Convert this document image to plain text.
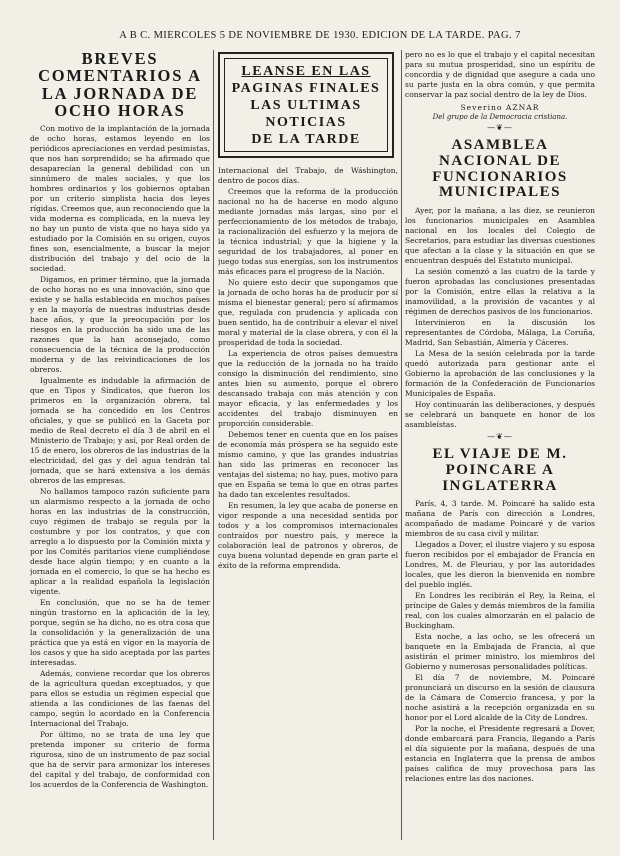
A B C. MIERCOLES 5 DE NOVIEMBRE DE 1930. EDICION DE LA TARDE. PAG. 7
BREVES COMENTARIOS A LA JORNADA DE OCHO HORAS

Con motivo de la implantación de la jornada de ocho horas, estamos leyendo en los periódicos apreciaciones en verdad pesimistas, que nos han sorprendido; se ha afirmado que desaparecían la general debilidad con un sinnúmero de males sociales, y que los hombres ordinarios y los gobiernos optaban por un criterio simplista hacia dos leyes rígidas. Creemos que, aun reconociendo que la vida moderna es complicada, en la nueva ley no hay un punto de vista que no haya sido ya estudiado por la Comisión en su origen, cuyos fines son, esencialmente, a buscar la mejor distribución del trabajo y del ocio de la sociedad.

Digamos, en primer término, que la jornada de ocho horas no es una innovación, sino que existe y se halla establecida en muchos países y en la mayoría de nuestras industrias desde hace años, y que la preocupación por los riesgos en la producción ha sido una de las razones que la han aconsejado, como consecuencia de la técnica de la producción moderna y de las reivindicaciones de los obreros.

Igualmente es indudable la afirmación de que en Tipos y Sindicatos, que fueron los primeros en la organización obrera, tal jornada se ha concedido en los Centros oficiales, y que se publicó en la Gaceta por medio de Real decreto el día 3 de abril en el Ministerio de Trabajo; y así, por Real orden de 15 de enero, los obreros de las industrias de la electricidad, del gas y del agua tendrán tal jornada, que se hará extensiva a los demás obreros de las empresas.

No hallamos tampoco razón suficiente para un alarmismo respecto a la jornada de ocho horas en las industrias de la construcción, cuyo régimen de trabajo se regula por la costumbre y por los contratos, y que con arreglo a lo dispuesto por la Comisión mixta y por los Comités paritarios viene cumpliéndose desde hace algún tiempo; y en cuanto a la jornada en el comercio, lo que se ha hecho es aplicar a la realidad española la legislación vigente.

En conclusión, que no se ha de temer ningún trastorno en la aplicación de la ley, porque, según se ha dicho, no es otra cosa que la consolidación y la generalización de una práctica que ya está en vigor en la mayoría de los casos y que ha sido aceptada por las partes interesadas.

Además, conviene recordar que los obreros de la agricultura quedan exceptuados, y que para ellos se estudia un régimen especial que atienda a las condiciones de las faenas del campo, según lo acordado en la Conferencia Internacional del Trabajo.

Por último, no se trata de una ley que pretenda imponer su criterio de forma rigurosa, sino de un instrumento de paz social que ha de servir para armonizar los intereses del capital y del trabajo, de conformidad con los acuerdos de la Conferencia de Washington.

LEANSE EN LAS
PAGINAS FINALES
LAS ULTIMAS
NOTICIAS
DE LA TARDE

Internacional del Trabajo, de Wáshington, dentro de pocos días.

Creemos que la reforma de la producción nacional no ha de hacerse en modo alguno mediante jornadas más largas, sino por el perfeccionamiento de los métodos de trabajo, la racionalización del esfuerzo y la mejora de la técnica industrial; y que la higiene y la seguridad de los trabajadores, al poner en juego todas sus energías, son los instrumentos más eficaces para el progreso de la Nación.

No quiere esto decir que supongamos que la jornada de ocho horas ha de producir por sí misma el bienestar general; pero sí afirmamos que, regulada con prudencia y aplicada con buen sentido, ha de contribuir a elevar el nivel moral y material de la clase obrera, y con él la prosperidad de toda la sociedad.

La experiencia de otros países demuestra que la reducción de la jornada no ha traído consigo la disminución del rendimiento, sino antes bien su aumento, porque el obrero descansado trabaja con más atención y con mayor eficacia, y las enfermedades y los accidentes del trabajo disminuyen en proporción considerable.

Debemos tener en cuenta que en los países de economía más próspera se ha seguido este mismo camino, y que las grandes industrias han sido las primeras en reconocer las ventajas del sistema; no hay, pues, motivo para que en España se tema lo que en otras partes ha dado tan excelentes resultados.

En resumen, la ley que acaba de ponerse en vigor responde a una necesidad sentida por todos y a los compromisos internacionales contraídos por nuestro país, y merece la colaboración leal de patronos y obreros, de cuya buena voluntad depende en gran parte el éxito de la reforma emprendida.

pero no es lo que el trabajo y el capital necesitan para su mutua prosperidad, sino un espíritu de concordia y de dignidad que asegure a cada uno su parte justa en la obra común, y que permita conservar la paz social dentro de la ley de Dios.

Severino AZNAR
Del grupo de la Democracia cristiana.
—❦—
ASAMBLEA NACIONAL DE FUNCIONARIOS MUNICIPALES

Ayer, por la mañana, a las diez, se reunieron los funcionarios municipales en Asamblea nacional en los locales del Colegio de Secretarios, para estudiar las diversas cuestiones que afectan a la clase y la situación en que se encuentran después del Estatuto municipal.

La sesión comenzó a las cuatro de la tarde y fueron aprobadas las conclusiones presentadas por la Comisión, entre ellas la relativa a la inamovilidad, a la provisión de vacantes y al régimen de derechos pasivos de los funcionarios.

Intervinieron en la discusión los representantes de Córdoba, Málaga, La Coruña, Madrid, San Sebastián, Almería y Cáceres.

La Mesa de la sesión celebrada por la tarde quedó autorizada para gestionar ante el Gobierno la aprobación de las conclusiones y la formación de la Confederación de Funcionarios Municipales de España.

Hoy continuarán las deliberaciones, y después se celebrará un banquete en honor de los asambleístas.

—❦—
EL VIAJE DE M. POINCARE A INGLATERRA

París, 4, 3 tarde. M. Poincaré ha salido esta mañana de París con dirección a Londres, acompañado de madame Poincaré y de varios miembros de su casa civil y militar.

Llegados a Dover, el ilustre viajero y su esposa fueron recibidos por el embajador de Francia en Londres, M. de Fleuriau, y por las autoridades locales, que les dieron la bienvenida en nombre del pueblo inglés.

En Londres les recibirán el Rey, la Reina, el príncipe de Gales y demás miembros de la familia real, con los cuales almorzarán en el palacio de Buckingham.

Esta noche, a las ocho, se les ofrecerá un banquete en la Embajada de Francia, al que asistirán el primer ministro, los miembros del Gobierno y numerosas personalidades políticas.

El día 7 de noviembre, M. Poincaré pronunciará un discurso en la sesión de clausura de la Cámara de Comercio francesa, y por la noche asistirá a la recepción organizada en su honor por el Lord alcalde de la City de Londres.

Por la noche, el Presidente regresará a Dover, donde embarcará para Francia, llegando a París el día siguiente por la mañana, después de una estancia en Inglaterra que la prensa de ambos países califica de muy provechosa para las relaciones entre las dos naciones.
